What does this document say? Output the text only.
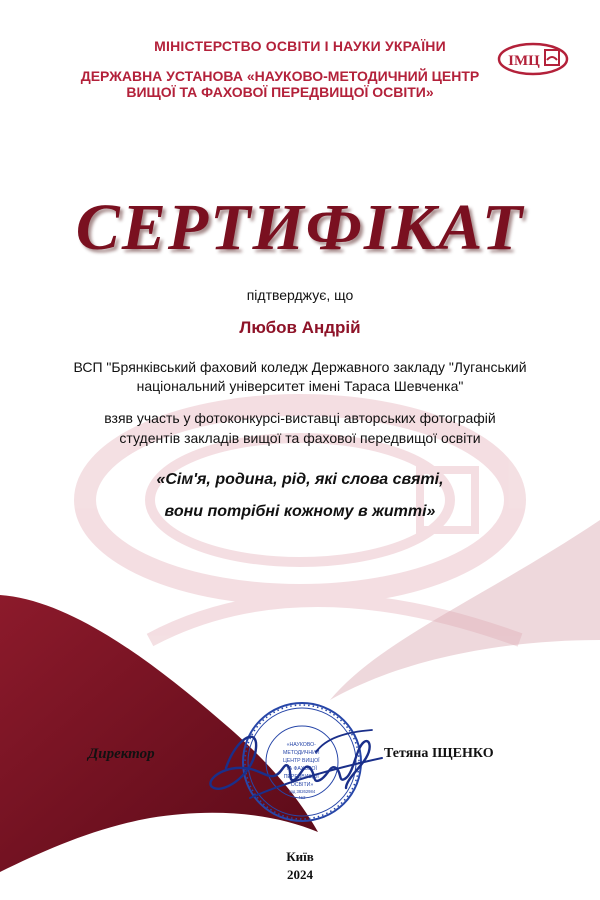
МІНІСТЕРСТВО ОСВІТИ І НАУКИ УКРАЇНИ
ДЕРЖАВНА УСТАНОВА «НАУКОВО-МЕТОДИЧНИЙ ЦЕНТР
ВИЩОЇ ТА ФАХОВОЇ ПЕРЕДВИЩОЇ ОСВІТИ»
ІМЦ
СЕРТИФІКАТ
підтверджує, що
Любов Андрій
ВСП "Брянківський фаховий коледж Державного закладу "Луганський
національний університет імені Тараса Шевченка"
взяв участь у фотоконкурсі-виставці авторських фотографій
студентів закладів вищої та фахової передвищої освіти
«Сім'я, родина, рід, які слова святі,
вони потрібні кожному в житті»
Директор	Тетяна ІЩЕНКО
«НАУКОВО- МЕТОДИЧНИЙ ЦЕНТР ВИЩОЇ ТА ФАХОВОЇ ПЕРЕДВИЩОЇ ОСВІТИ»
код 38262984
№2
Київ
2024
